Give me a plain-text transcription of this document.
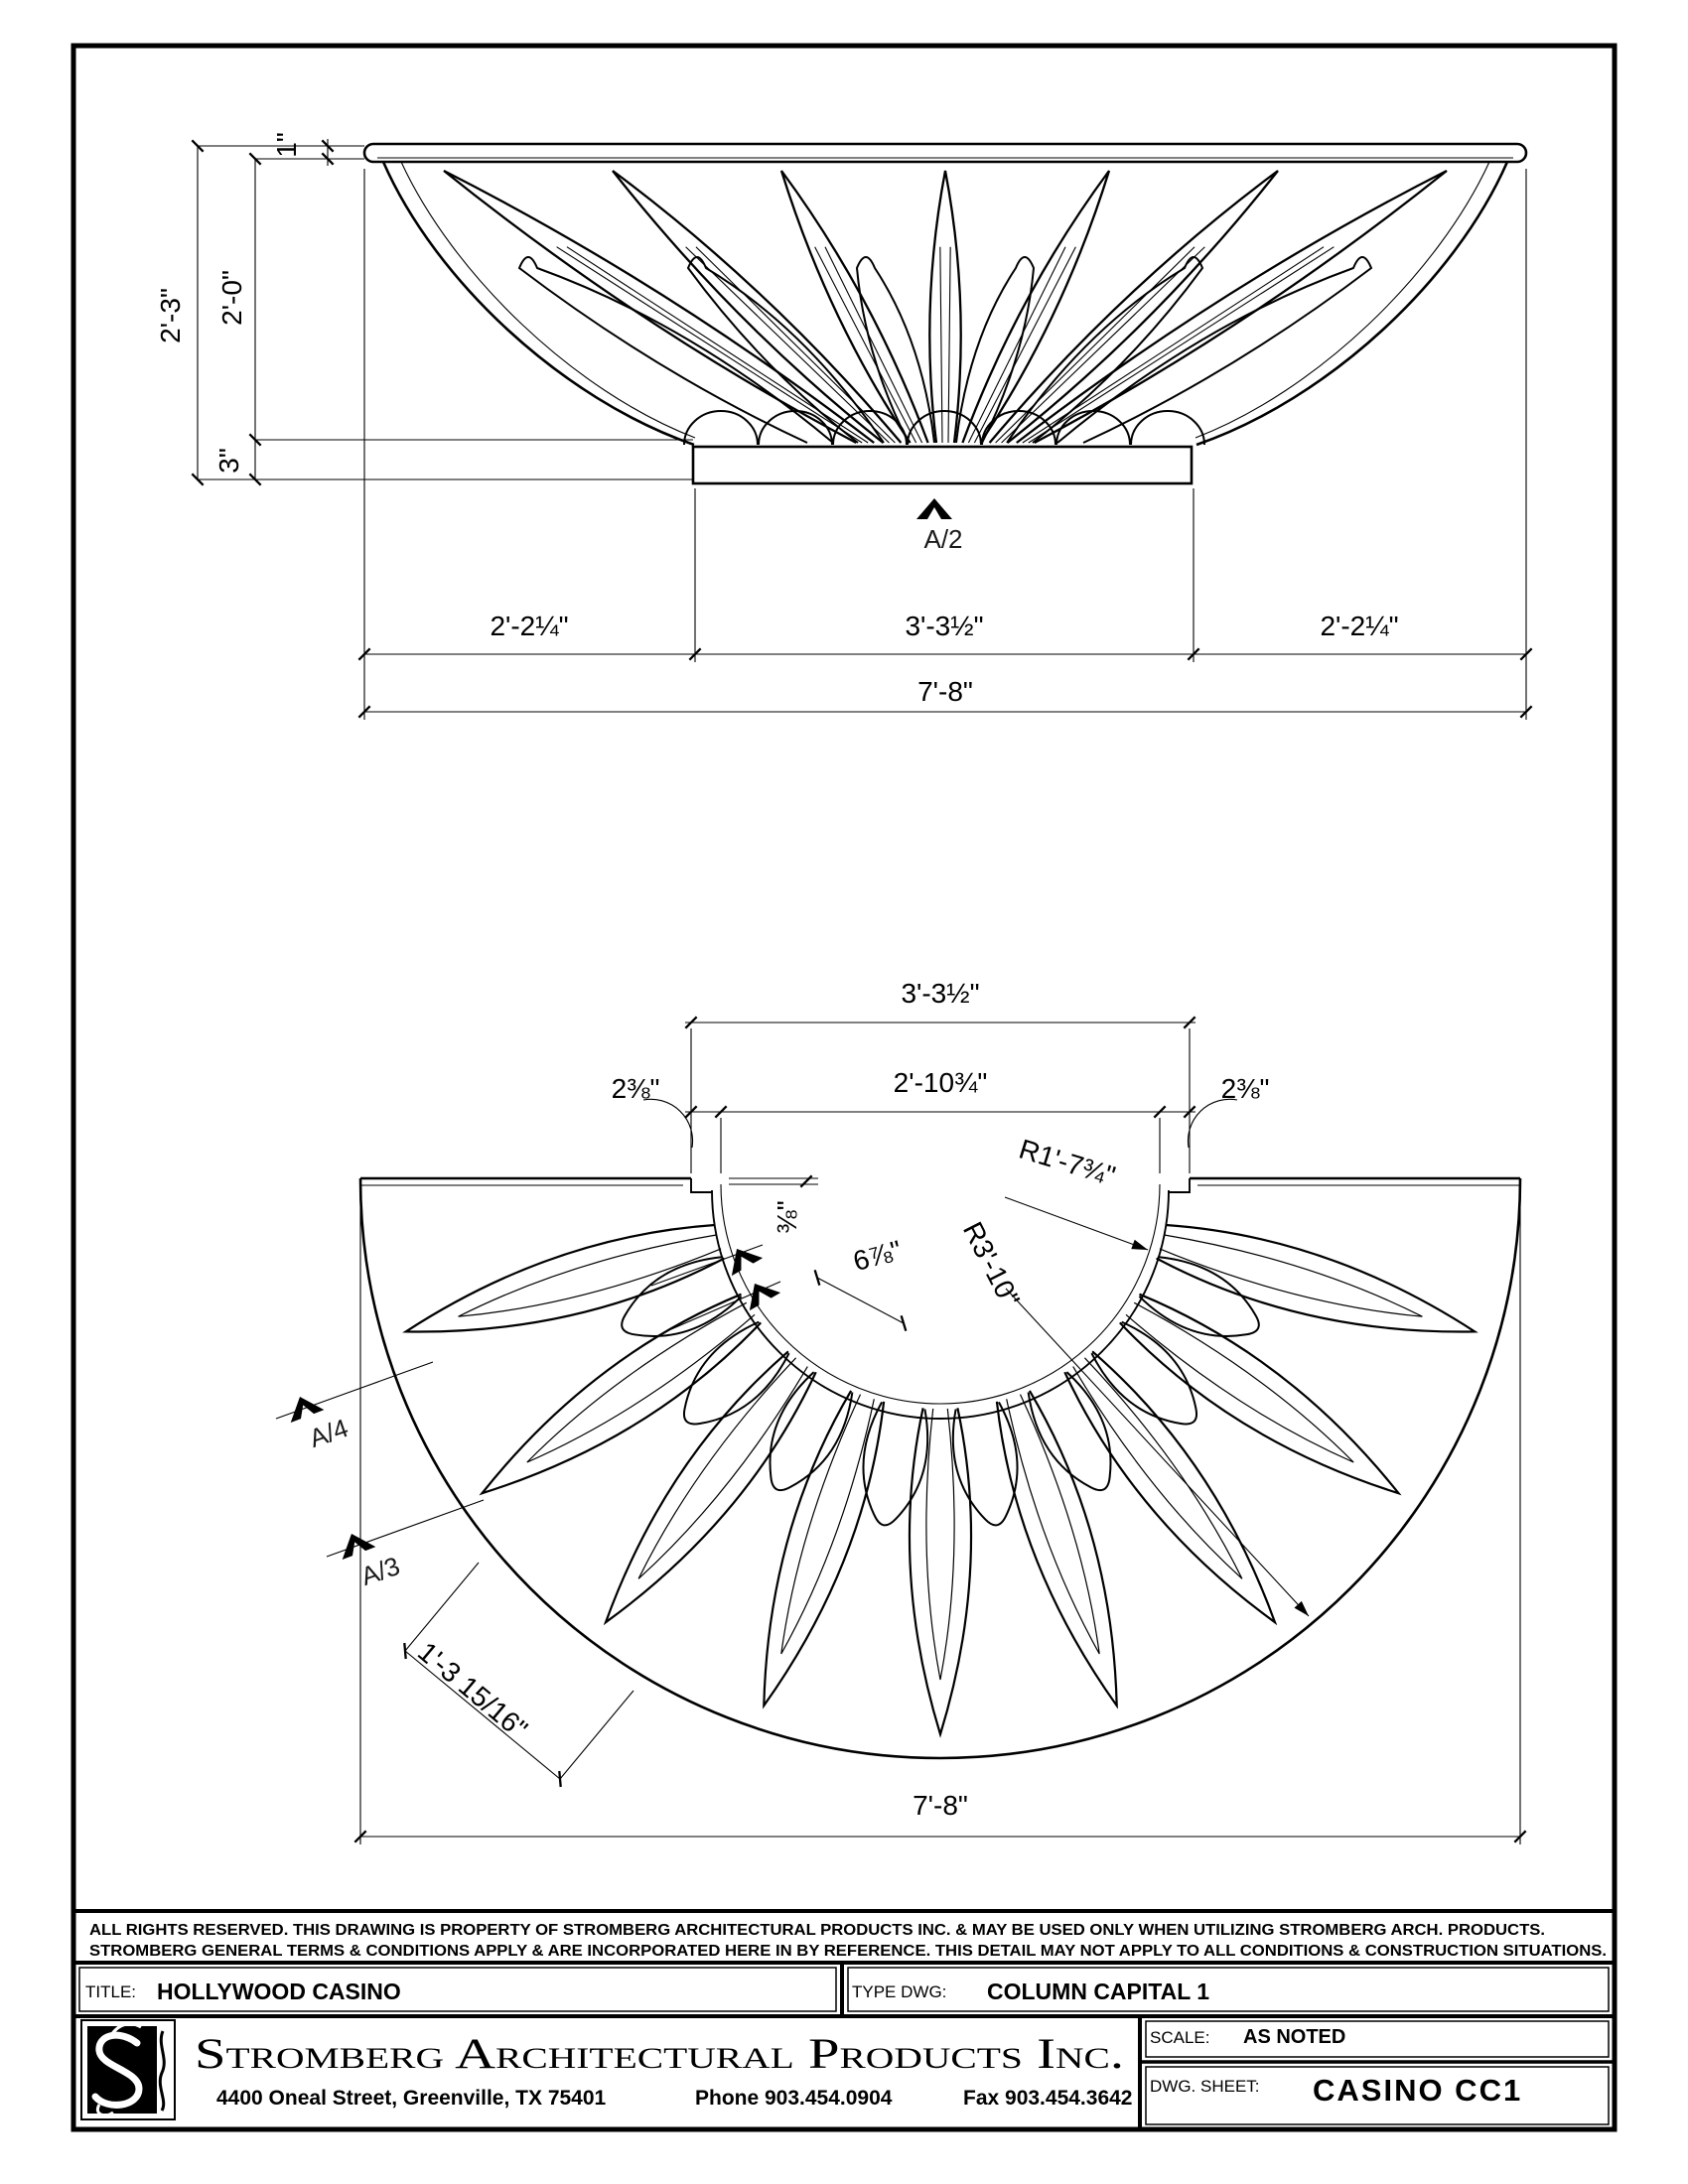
2'-3" 2'-0"
3"
1"
2'-2¼"	3'-3½"	2'-2¼"
7'-8"
A/2
3'-3½"
2'-10¾"
2⅜"	2⅜"
⅜"
R1'-7¾"
R3'-10"
6⅞"
1'-3 15/16"
A/4
A/3
7'-8"
ALL RIGHTS RESERVED. THIS DRAWING IS PROPERTY OF STROMBERG ARCHITECTURAL PRODUCTS INC. & MAY BE USED ONLY WHEN UTILIZING STROMBERG ARCH. PRODUCTS.
STROMBERG GENERAL TERMS & CONDITIONS APPLY & ARE INCORPORATED HERE IN BY REFERENCE. THIS DETAIL MAY NOT APPLY TO ALL CONDITIONS & CONSTRUCTION SITUATIONS.
TITLE: HOLLYWOOD CASINO	TYPE DWG: COLUMN CAPITAL 1
Stromberg Architectural Products Inc.
4400 Oneal Street, Greenville, TX 75401	Phone 903.454.0904	Fax 903.454.3642
SCALE: AS NOTED
DWG. SHEET: CASINO CC1
